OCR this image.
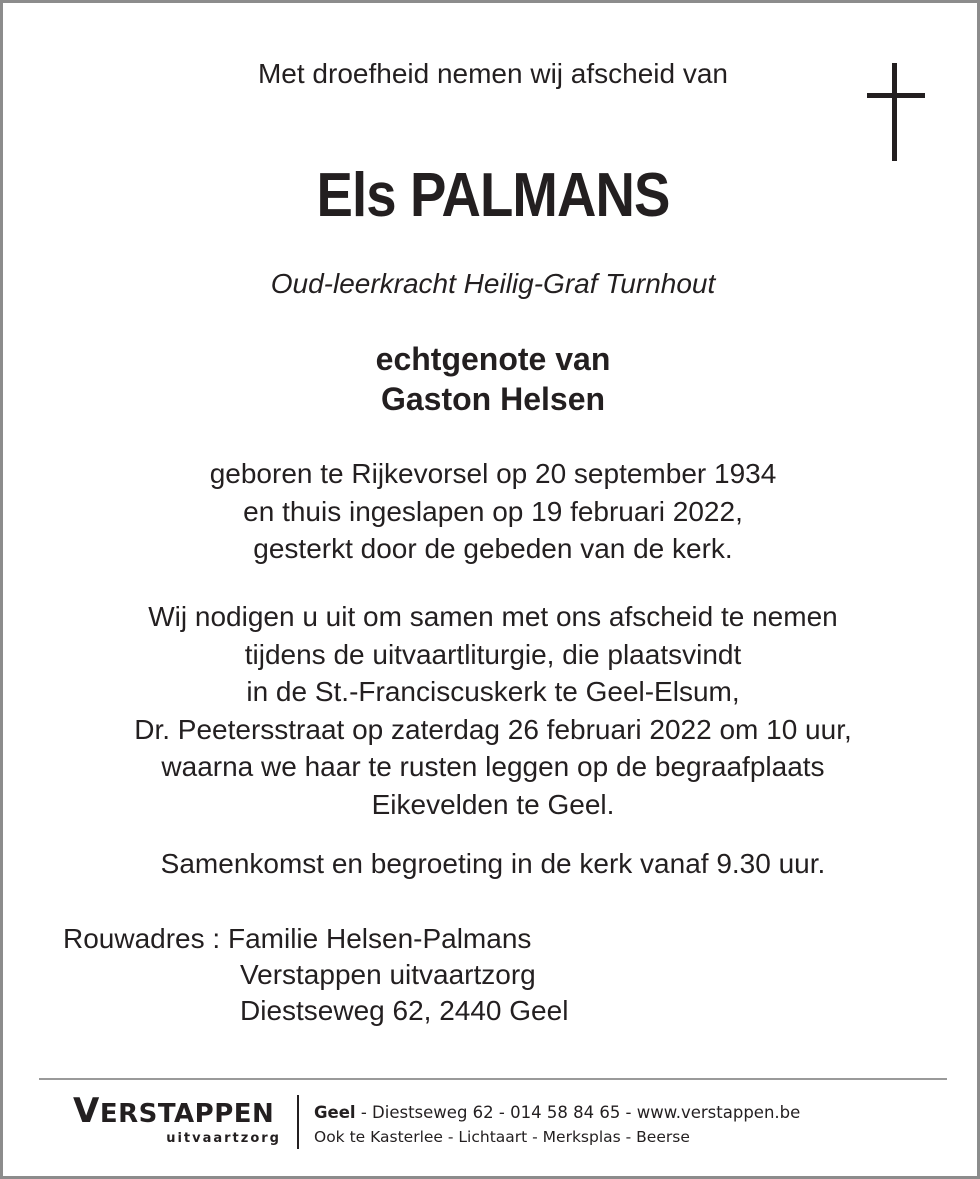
Met droefheid nemen wij afscheid van
Els PALMANS
Oud-leerkracht Heilig-Graf Turnhout
echtgenote van
Gaston Helsen
geboren te Rijkevorsel op 20 september 1934
en thuis ingeslapen op 19 februari 2022,
gesterkt door de gebeden van de kerk.
Wij nodigen u uit om samen met ons afscheid te nemen
tijdens de uitvaartliturgie, die plaatsvindt
in de St.-Franciscuskerk te Geel-Elsum,
Dr. Peetersstraat op zaterdag 26 februari 2022 om 10 uur,
waarna we haar te rusten leggen op de begraafplaats
Eikevelden te Geel.
Samenkomst en begroeting in de kerk vanaf 9.30 uur.
Rouwadres : Familie Helsen-Palmans
Verstappen uitvaartzorg
Diestseweg 62, 2440 Geel
VERSTAPPEN
uitvaartzorg
Geel - Diestseweg 62 - 014 58 84 65 - www.verstappen.be
Ook te Kasterlee - Lichtaart - Merksplas - Beerse
